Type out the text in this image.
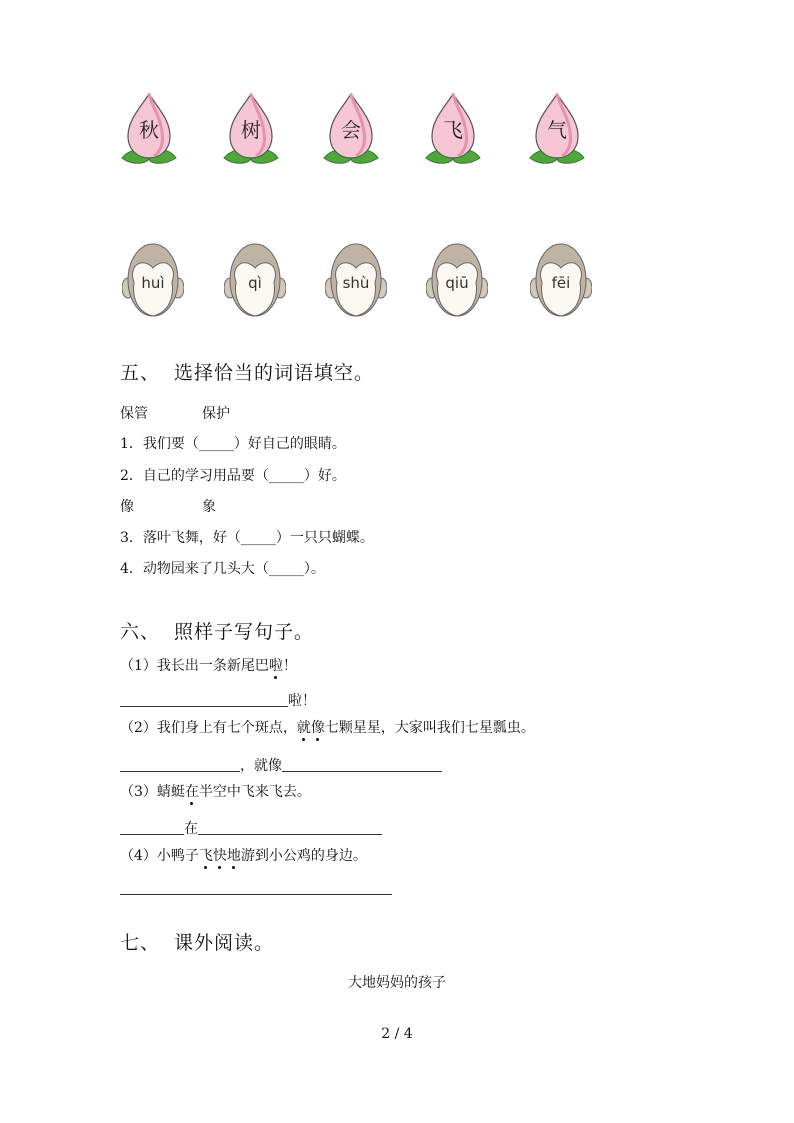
秋	树	会	飞	气
huì	qì	shù	qiū	fēi
五、 选择恰当的词语填空。
保管	保护
1．我们要（_____）好自己的眼睛。
2．自己的学习用品要（_____）好。
像	象
3．落叶飞舞，好（_____）一只只蝴蝶。
4．动物园来了几头大（_____）。
六、 照样子写句子。
（1）我长出一条新尾巴啦！
啦！
（2）我们身上有七个斑点，就像七颗星星，大家叫我们七星瓢虫。
，就像
（3）蜻蜓在半空中飞来飞去。
在
（4）小鸭子飞快地游到小公鸡的身边。
七、 课外阅读。
大地妈妈的孩子
2 / 4
